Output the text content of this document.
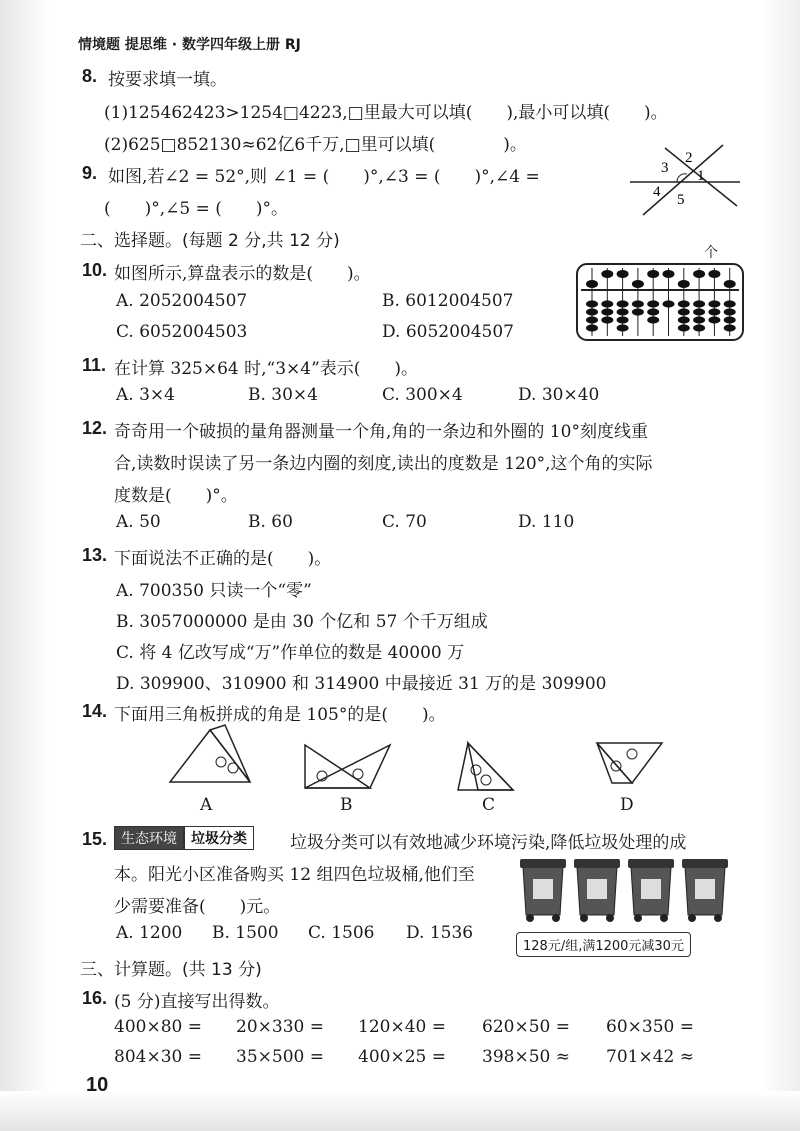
情境题 提思维 · 数学四年级上册 RJ
8. 按要求填一填。
(1)125462423>1254□4223,□里最大可以填(　　),最小可以填(　　)。
(2)625□852130≈62亿6千万,□里可以填(　　　　)。
9. 如图,若∠2 = 52°,则 ∠1 = (　　)°,∠3 = (　　)°,∠4 =
(　　)°,∠5 = (　　)°。
3
2
1
4 5
二、选择题。(每题 2 分,共 12 分)
10. 如图所示,算盘表示的数是(　　)。
A. 2052004507	B. 6012004507
C. 6052004503	D. 6052004507
个
11. 在计算 325×64 时,“3×4”表示(　　)。
A. 3×4	B. 30×4	C. 300×4	D. 30×40
12. 奇奇用一个破损的量角器测量一个角,角的一条边和外圈的 10°刻度线重
合,读数时误读了另一条边内圈的刻度,读出的度数是 120°,这个角的实际
度数是(　　)°。
A. 50	B. 60	C. 70	D. 110
13. 下面说法不正确的是(　　)。
A. 700350 只读一个“零”
B. 3057000000 是由 30 个亿和 57 个千万组成
C. 将 4 亿改写成“万”作单位的数是 40000 万
D. 309900、310900 和 314900 中最接近 31 万的是 309900
14. 下面用三角板拼成的角是 105°的是(　　)。
A	B	C	D
15. 生态环境 垃圾分类	垃圾分类可以有效地减少环境污染,降低垃圾处理的成
本。阳光小区准备购买 12 组四色垃圾桶,他们至
少需要准备(　　)元。
A. 1200 B. 1500 C. 1506 D. 1536
128元/组,满1200元减30元
三、计算题。(共 13 分)
16. (5 分)直接写出得数。
400×80 = 20×330 = 120×40 = 620×50 = 60×350 =
804×30 = 35×500 = 400×25 = 398×50 ≈ 701×42 ≈
10
